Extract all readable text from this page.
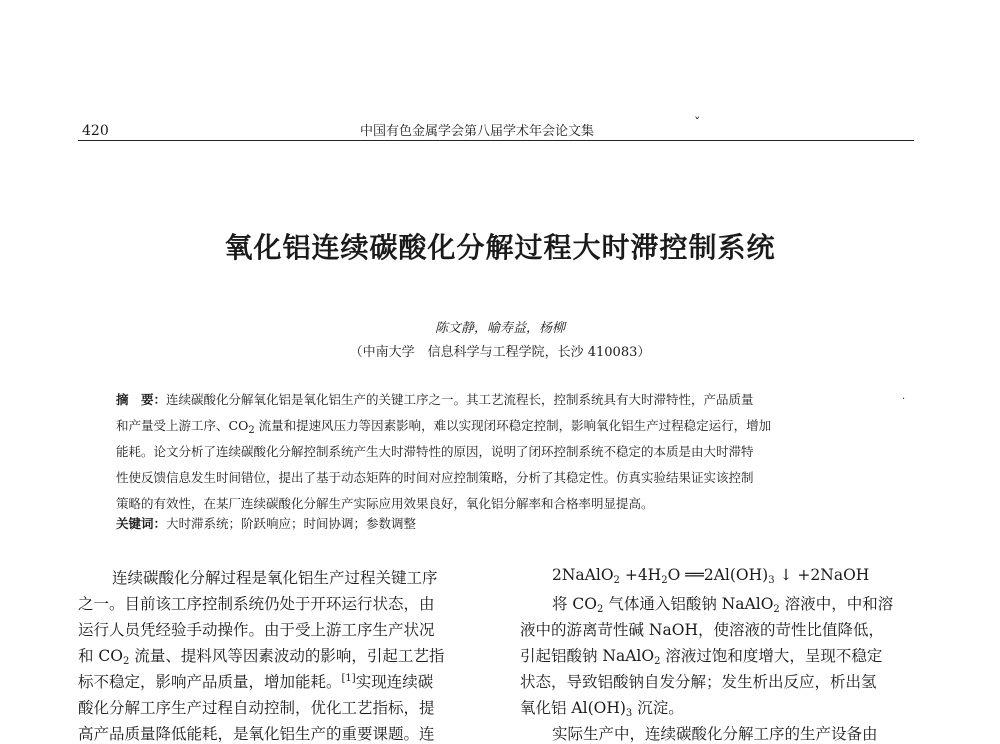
420	中国有色金属学会第八届学术年会论文集
ˇ
氧化铝连续碳酸化分解过程大时滞控制系统
陈文静，喻寿益，杨柳
（中南大学　信息科学与工程学院，长沙 410083）
摘　要：连续碳酸化分解氧化铝是氧化铝生产的关键工序之一。其工艺流程长，控制系统具有大时滞特性，产品质量
和产量受上游工序、$CO_2$ 流量和提速风压力等因素影响，难以实现闭环稳定控制，影响氧化铝生产过程稳定运行，增加
能耗。论文分析了连续碳酸化分解控制系统产生大时滞特性的原因，说明了闭环控制系统不稳定的本质是由大时滞特
性使反馈信息发生时间错位，提出了基于动态矩阵的时间对应控制策略，分析了其稳定性。仿真实验结果证实该控制
策略的有效性，在某厂连续碳酸化分解生产实际应用效果良好，氧化铝分解率和合格率明显提高。
·
关键词：大时滞系统；阶跃响应；时间协调；参数调整
连续碳酸化分解过程是氧化铝生产过程关键工序
之一。目前该工序控制系统仍处于开环运行状态，由
运行人员凭经验手动操作。由于受上游工序生产状况
和 $CO_2$ 流量、提料风等因素波动的影响，引起工艺指
标不稳定，影响产品质量，增加能耗。[1]实现连续碳
酸化分解工序生产过程自动控制，优化工艺指标，提
高产品质量降低能耗，是氧化铝生产的重要课题。连
2NaAlO$_2$ $+4H_2O$ $══2Al(OH)_3$ ↓ +2NaOH
将 $CO_2$ 气体通入铝酸钠 NaAlO$_2$ 溶液中，中和溶
液中的游离苛性碱 NaOH，使溶液的苛性比值降低，
引起铝酸钠 NaAlO$_2$ 溶液过饱和度增大，呈现不稳定
状态，导致铝酸钠自发分解；发生析出反应，析出氢
氧化铝 $Al(OH)_3$ 沉淀。
实际生产中，连续碳酸化分解工序的生产设备由
